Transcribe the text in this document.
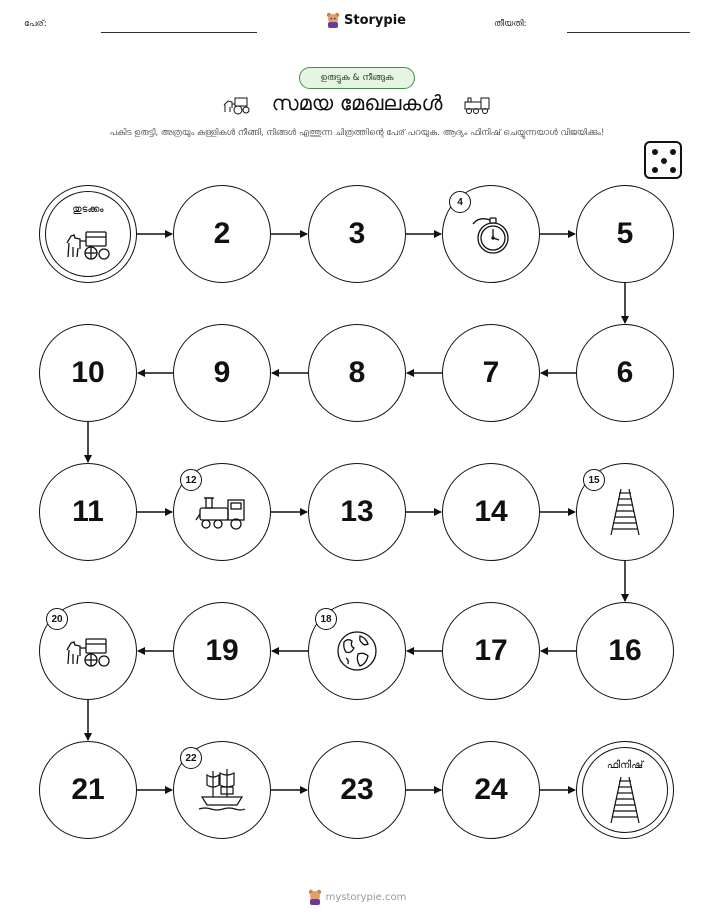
പേര്:	Storypie	തീയതി:
ഉരുട്ടുക & നീങ്ങുക
സമയ മേഖലകൾ
പകിട ഉരുട്ടി, അത്രയും കള്ളികൾ നീങ്ങി, നിങ്ങൾ എത്തുന്ന ചിത്രത്തിന്റെ പേര് പറയുക. ആദ്യം ഫിനിഷ് ചെയ്യുന്നയാൾ വിജയിക്കും!
തുടക്കം
2	3
4
5
6
7
8
9
10
11
12
13	14
15
16
17
18
19
20
21
22
23	24
ഫിനിഷ്
mystorypie.com
